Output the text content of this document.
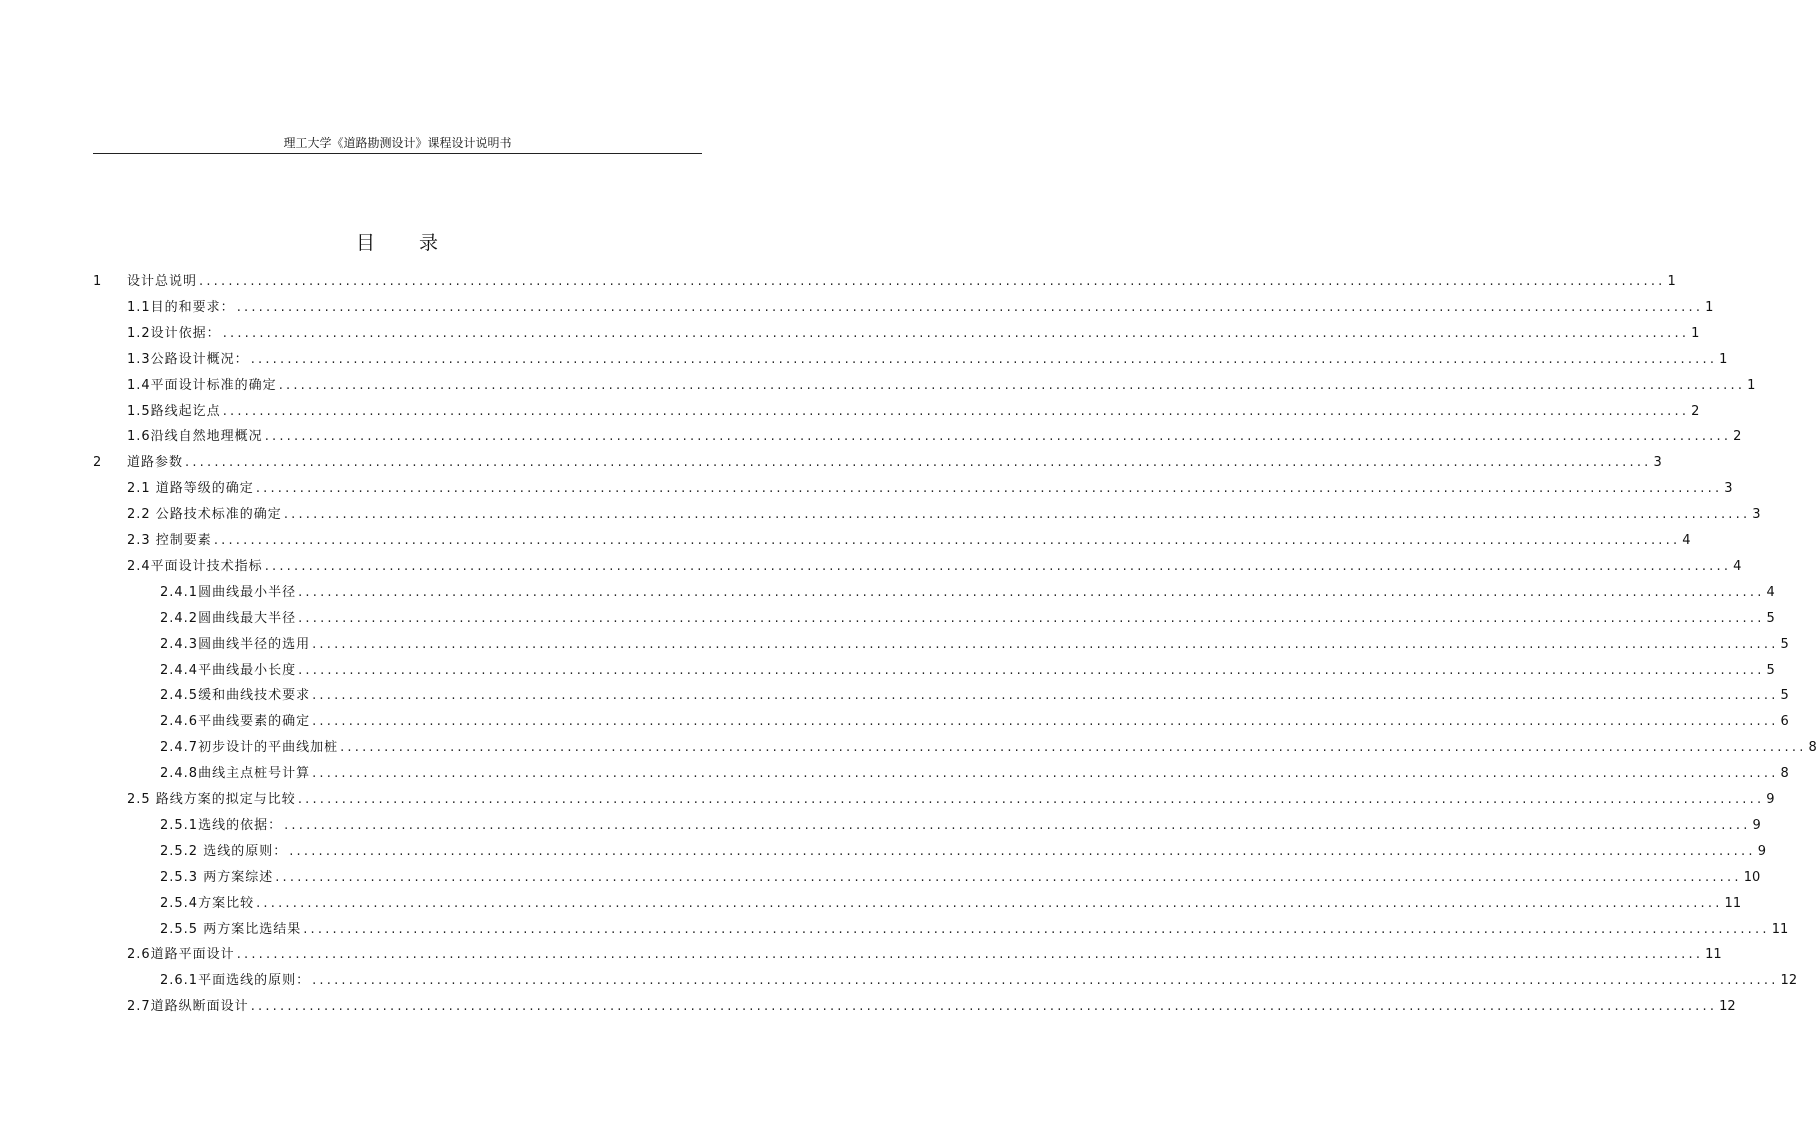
理工大学《道路勘测设计》课程设计说明书
目 录
1 设计总说明 ........................................................................................................................................................................................................ 1
1.1目的和要求： ........................................................................................................................................................................................................ 1
1.2设计依据： ........................................................................................................................................................................................................ 1
1.3公路设计概况： ........................................................................................................................................................................................................ 1
1.4平面设计标准的确定 ........................................................................................................................................................................................................ 1
1.5路线起讫点 ........................................................................................................................................................................................................ 2
1.6沿线自然地理概况 ........................................................................................................................................................................................................ 2
2 道路参数 ........................................................................................................................................................................................................ 3
2.1 道路等级的确定 ........................................................................................................................................................................................................ 3
2.2 公路技术标准的确定 ........................................................................................................................................................................................................ 3
2.3 控制要素 ........................................................................................................................................................................................................ 4
2.4平面设计技术指标 ........................................................................................................................................................................................................ 4
2.4.1圆曲线最小半径 ........................................................................................................................................................................................................ 4
2.4.2圆曲线最大半径 ........................................................................................................................................................................................................ 5
2.4.3圆曲线半径的选用 ........................................................................................................................................................................................................ 5
2.4.4平曲线最小长度 ........................................................................................................................................................................................................ 5
2.4.5缓和曲线技术要求 ........................................................................................................................................................................................................ 5
2.4.6平曲线要素的确定 ........................................................................................................................................................................................................ 6
2.4.7初步设计的平曲线加桩 ........................................................................................................................................................................................................ 8
2.4.8曲线主点桩号计算 ........................................................................................................................................................................................................ 8
2.5 路线方案的拟定与比较 ........................................................................................................................................................................................................ 9
2.5.1选线的依据： ........................................................................................................................................................................................................ 9
2.5.2 选线的原则： ........................................................................................................................................................................................................ 9
2.5.3 两方案综述 ........................................................................................................................................................................................................ 10
2.5.4方案比较 ........................................................................................................................................................................................................ 11
2.5.5 两方案比选结果 ........................................................................................................................................................................................................ 11
2.6道路平面设计 ........................................................................................................................................................................................................ 11
2.6.1平面选线的原则： ........................................................................................................................................................................................................ 12
2.7道路纵断面设计 ........................................................................................................................................................................................................ 12
